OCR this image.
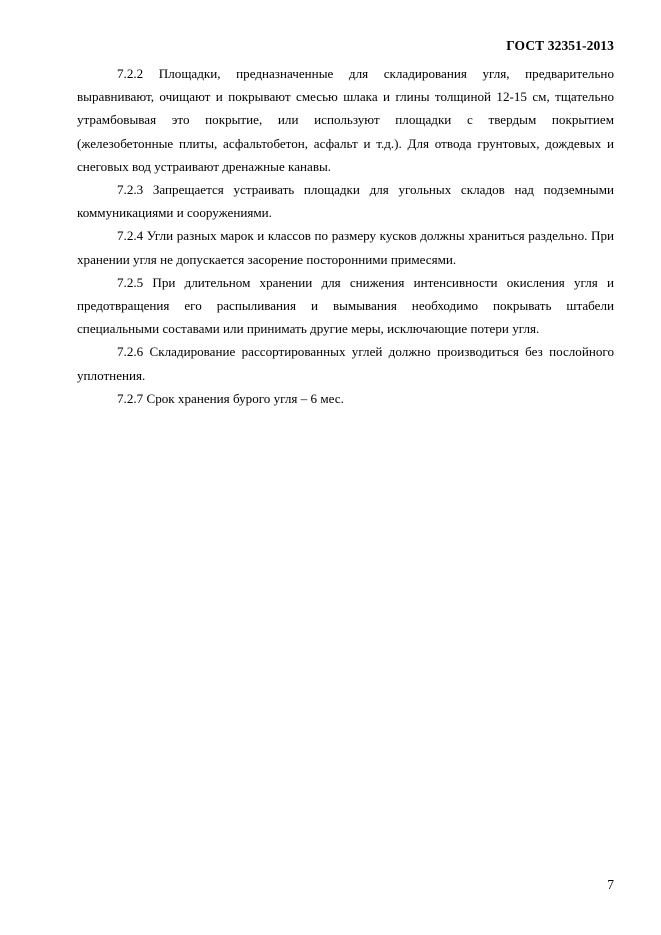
ГОСТ 32351-2013

7.2.2 Площадки, предназначенные для складирования угля, предварительно выравнивают, очищают и покрывают смесью шлака и глины толщиной 12-15 см, тщательно утрамбовывая это покрытие, или используют площадки с твердым покрытием (железобетонные плиты, асфальтобетон, асфальт и т.д.). Для отвода грунтовых, дождевых и снеговых вод устраивают дренажные канавы.

7.2.3 Запрещается устраивать площадки для угольных складов над подземными коммуникациями и сооружениями.

7.2.4 Угли разных марок и классов по размеру кусков должны храниться раздельно. При хранении угля не допускается засорение посторонними примесями.

7.2.5 При длительном хранении для снижения интенсивности окисления угля и предотвращения его распыливания и вымывания необходимо покрывать штабели специальными составами или принимать другие меры, исключающие потери угля.

7.2.6 Складирование рассортированных углей должно производиться без послойного уплотнения.

7.2.7 Срок хранения бурого угля – 6 мес.

7
